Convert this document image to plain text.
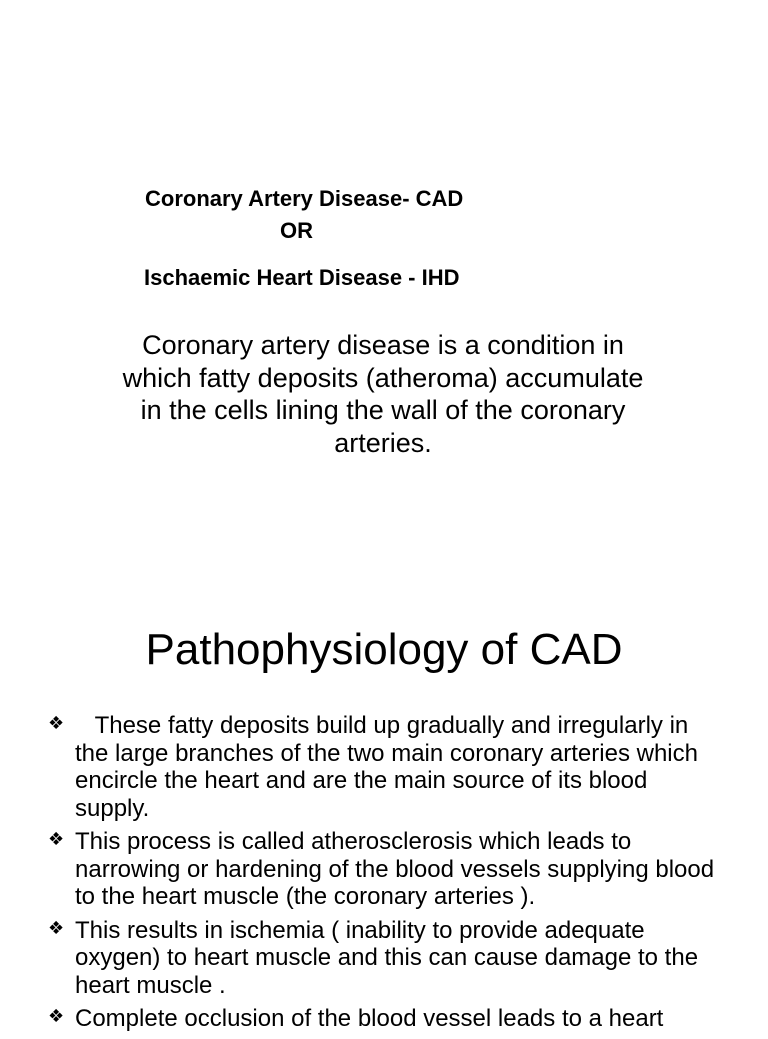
Coronary Artery Disease- CAD
OR
Ischaemic Heart Disease - IHD
Coronary artery disease is a condition in which fatty deposits (atheroma) accumulate in the cells lining the wall of the coronary arteries.
Pathophysiology of CAD
❖ These fatty deposits build up gradually and irregularly in the large branches of the two main coronary arteries which encircle the heart and are the main source of its blood supply.
❖ This process is called atherosclerosis which leads to narrowing or hardening of the blood vessels supplying blood to the heart muscle (the coronary arteries ).
❖ This results in ischemia ( inability to provide adequate oxygen) to heart muscle and this can cause damage to the heart muscle .
❖ Complete occlusion of the blood vessel leads to a heart
